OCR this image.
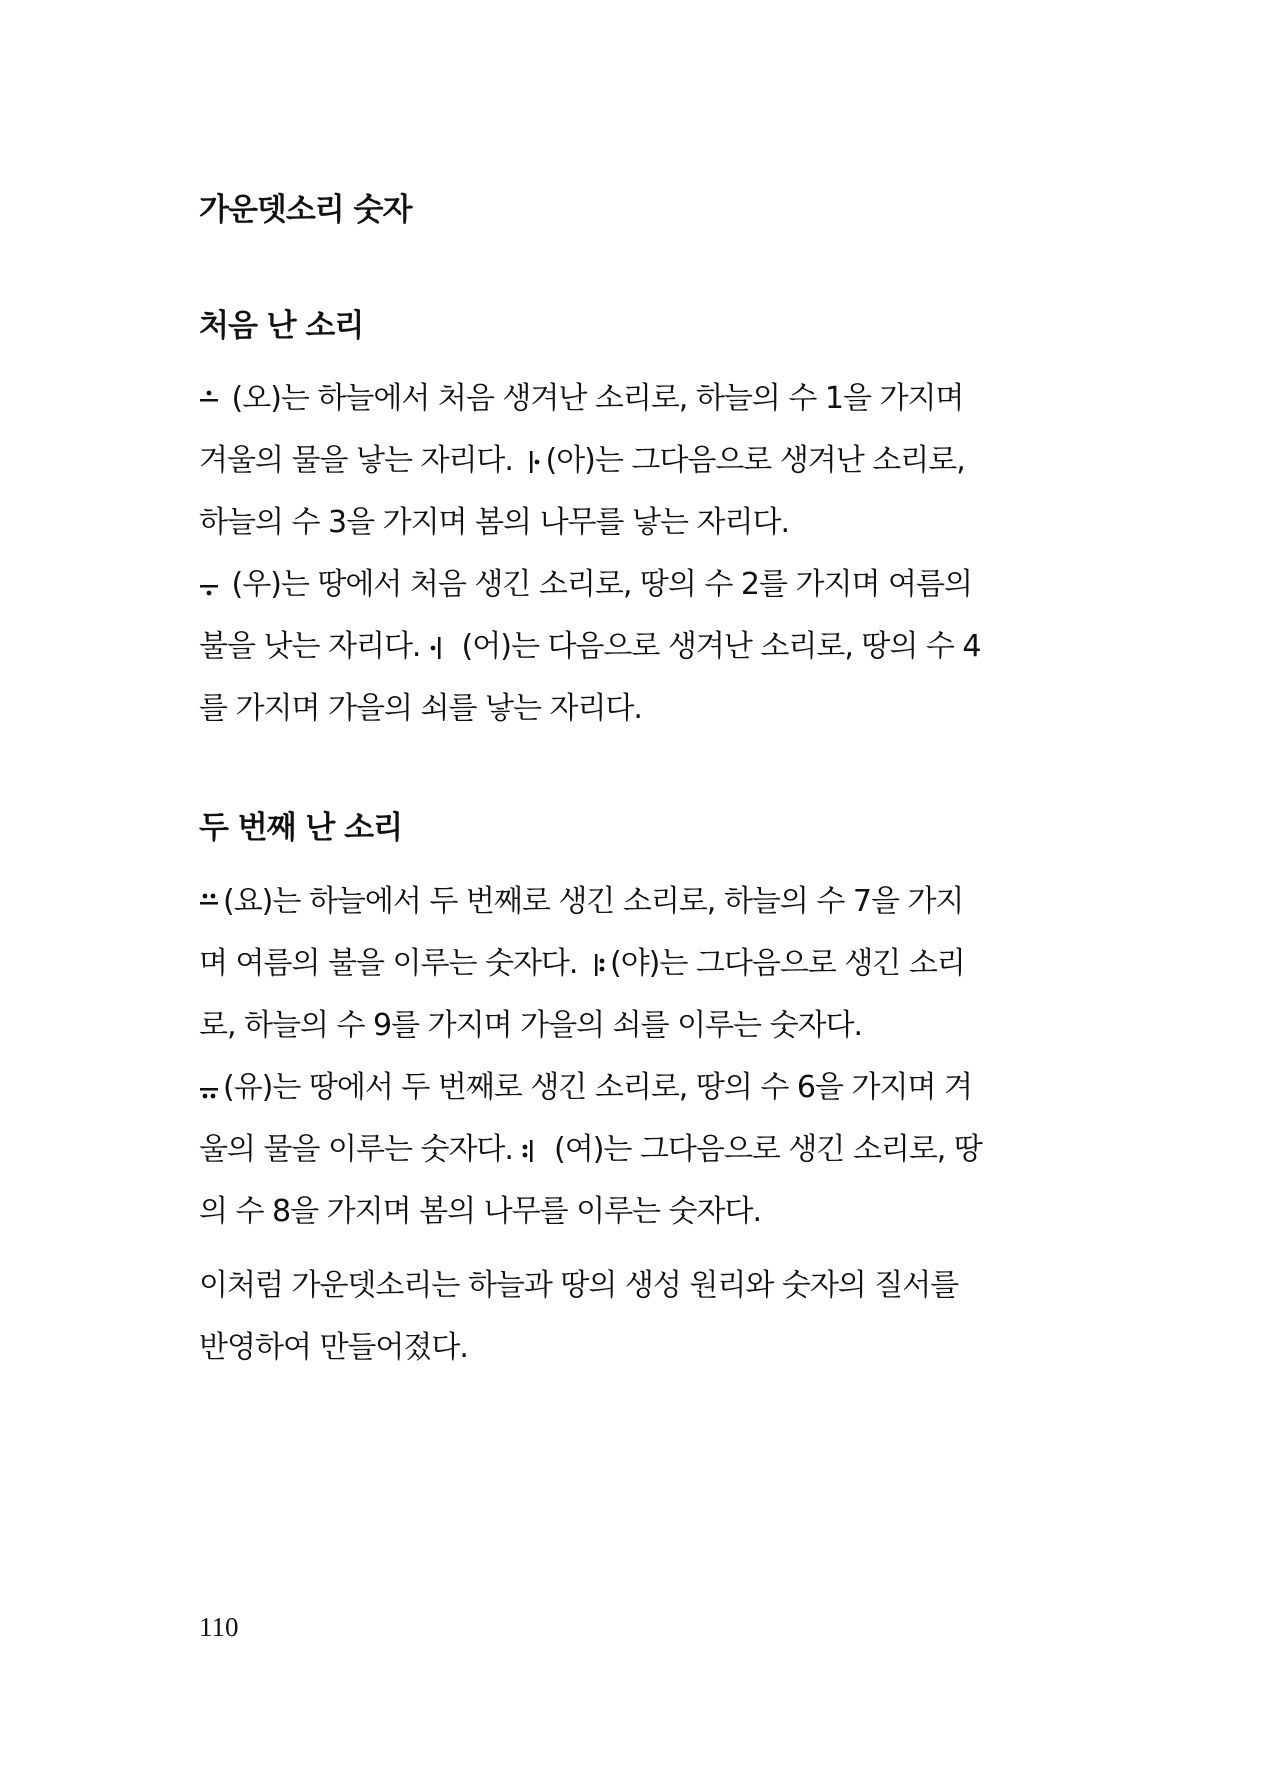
가운뎃소리 숫자
처음 난 소리
(오)는 하늘에서 처음 생겨난 소리로, 하늘의 수 1을 가지며
겨울의 물을 낳는 자리다. (아)는 그다음으로 생겨난 소리로,
하늘의 수 3을 가지며 봄의 나무를 낳는 자리다.
(우)는 땅에서 처음 생긴 소리로, 땅의 수 2를 가지며 여름의
불을 낫는 자리다.  (어)는 다음으로 생겨난 소리로, 땅의 수 4
를 가지며 가을의 쇠를 낳는 자리다.
두 번째 난 소리
(요)는 하늘에서 두 번째로 생긴 소리로, 하늘의 수 7을 가지
며 여름의 불을 이루는 숫자다. (야)는 그다음으로 생긴 소리
로, 하늘의 수 9를 가지며 가을의 쇠를 이루는 숫자다.
(유)는 땅에서 두 번째로 생긴 소리로, 땅의 수 6을 가지며 겨
울의 물을 이루는 숫자다.  (여)는 그다음으로 생긴 소리로, 땅
의 수 8을 가지며 봄의 나무를 이루는 숫자다.
이처럼 가운뎃소리는 하늘과 땅의 생성 원리와 숫자의 질서를
반영하여 만들어졌다.
110
